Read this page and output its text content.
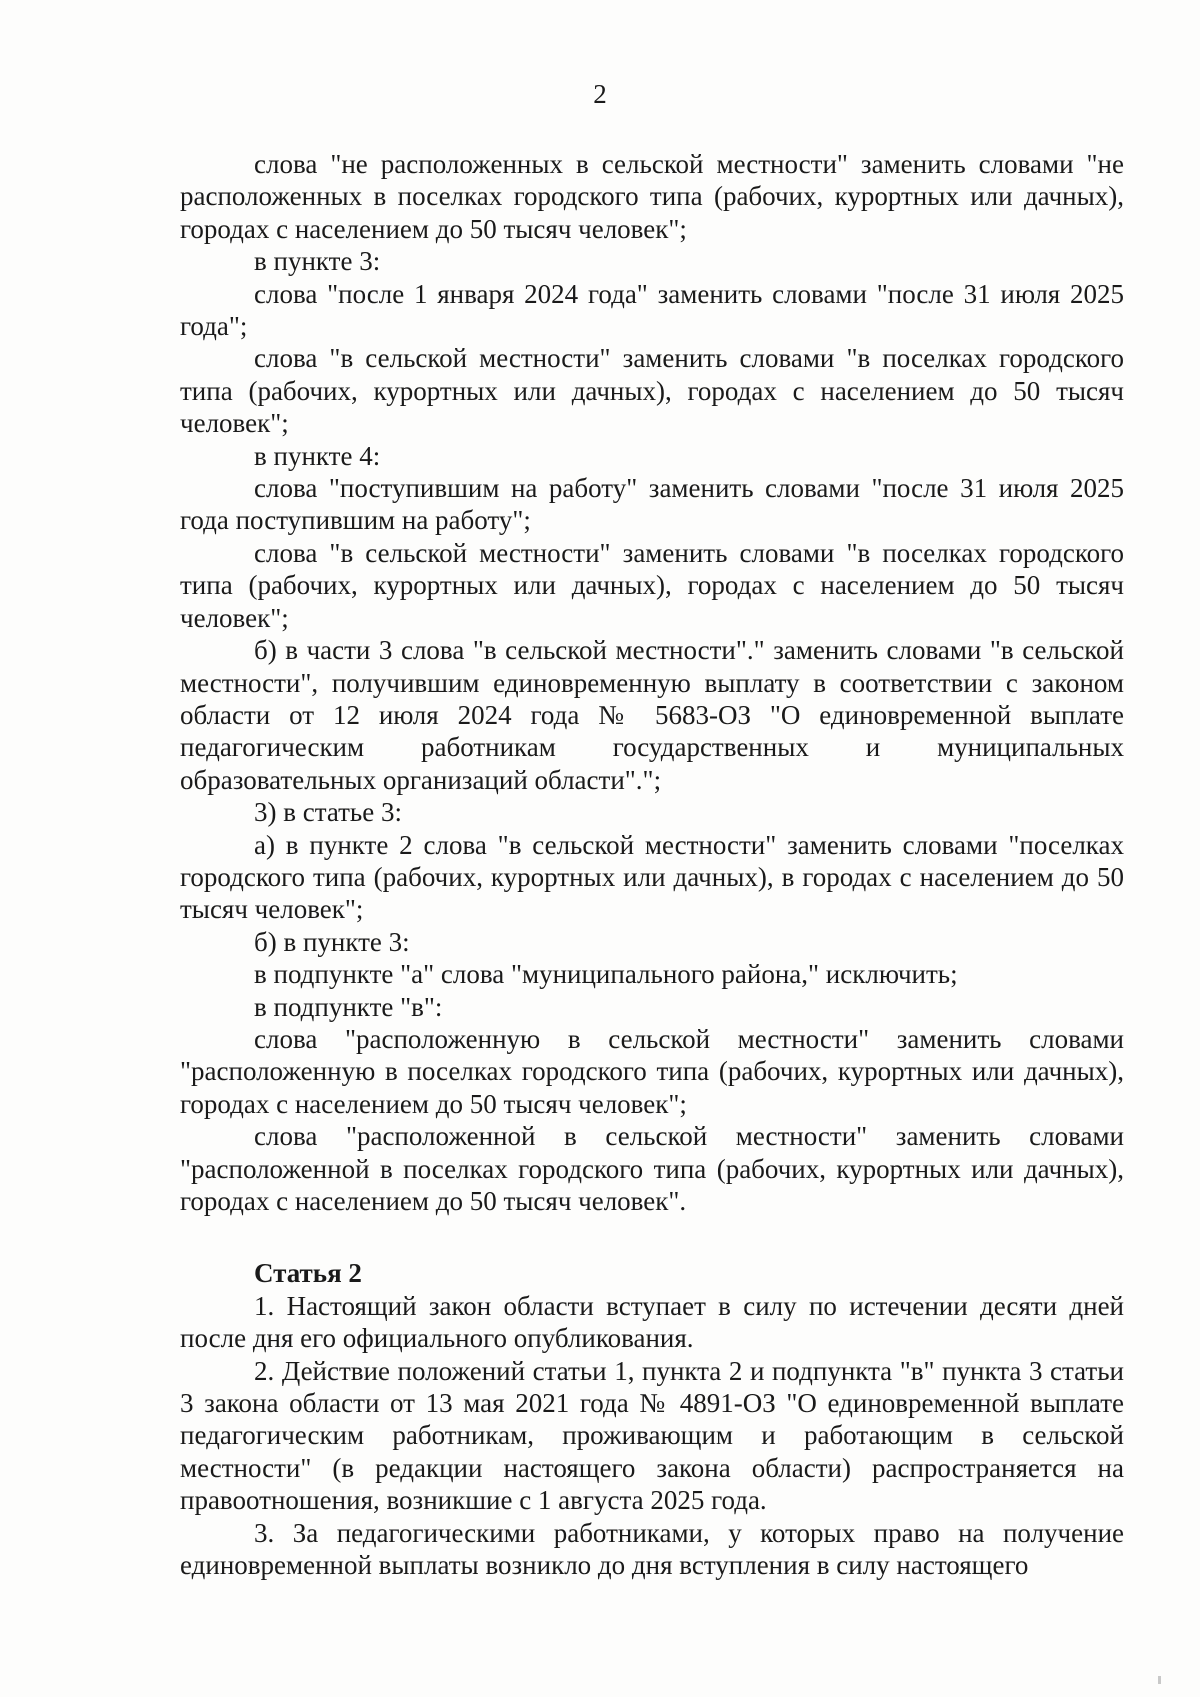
2

слова "не расположенных в сельской местности" заменить словами "не расположенных в поселках городского типа (рабочих, курортных или дачных), городах с населением до 50 тысяч человек";

в пункте 3:

слова "после 1 января 2024 года" заменить словами "после 31 июля 2025 года";

слова "в сельской местности" заменить словами "в поселках городского типа (рабочих, курортных или дачных), городах с населением до 50 тысяч человек";

в пункте 4:

слова "поступившим на работу" заменить словами "после 31 июля 2025 года поступившим на работу";

слова "в сельской местности" заменить словами "в поселках городского типа (рабочих, курортных или дачных), городах с населением до 50 тысяч человек";

б) в части 3 слова "в сельской местности"." заменить словами "в сельской местности", получившим единовременную выплату в соответствии с законом области от 12 июля 2024 года № 5683-ОЗ "О единовременной выплате педагогическим работникам государственных и муниципальных образовательных организаций области".";

3) в статье 3:

а) в пункте 2 слова "в сельской местности" заменить словами "поселках городского типа (рабочих, курортных или дачных), в городах с населением до 50 тысяч человек";

б) в пункте 3:

в подпункте "а" слова "муниципального района," исключить;

в подпункте "в":

слова "расположенную в сельской местности" заменить словами "расположенную в поселках городского типа (рабочих, курортных или дачных), городах с населением до 50 тысяч человек";

слова "расположенной в сельской местности" заменить словами "расположенной в поселках городского типа (рабочих, курортных или дачных), городах с населением до 50 тысяч человек".

Статья 2

1. Настоящий закон области вступает в силу по истечении десяти дней после дня его официального опубликования.

2. Действие положений статьи 1, пункта 2 и подпункта "в" пункта 3 статьи 3 закона области от 13 мая 2021 года № 4891-ОЗ "О единовременной выплате педагогическим работникам, проживающим и работающим в сельской местности" (в редакции настоящего закона области) распространяется на правоотношения, возникшие с 1 августа 2025 года.

3. За педагогическими работниками, у которых право на получение единовременной выплаты возникло до дня вступления в силу настоящего
